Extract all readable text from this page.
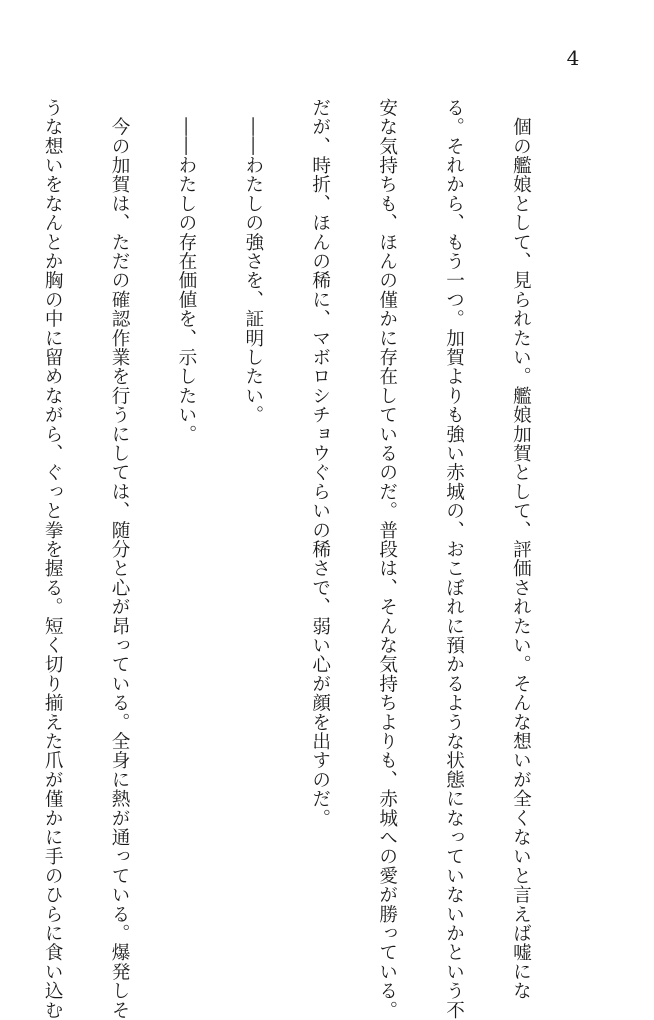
4

　個の艦娘として、見られたい。艦娘加賀として、評価されたい。そんな想いが全くないと言えば嘘にな

る。それから、もう一つ。加賀よりも強い赤城の、おこぼれに預かるような状態になっていないかという不

安な気持ちも、ほんの僅かに存在しているのだ。普段は、そんな気持ちよりも、赤城への愛が勝っている。

だが、時折、ほんの稀に、マボロシチョウぐらいの稀さで、弱い心が顔を出すのだ。

　――わたしの強さを、証明したい。

　――わたしの存在価値を、示したい。

　今の加賀は、ただの確認作業を行うにしては、随分と心が昂っている。全身に熱が通っている。爆発しそ

うな想いをなんとか胸の中に留めながら、ぐっと拳を握る。短く切り揃えた爪が僅かに手のひらに食い込む
